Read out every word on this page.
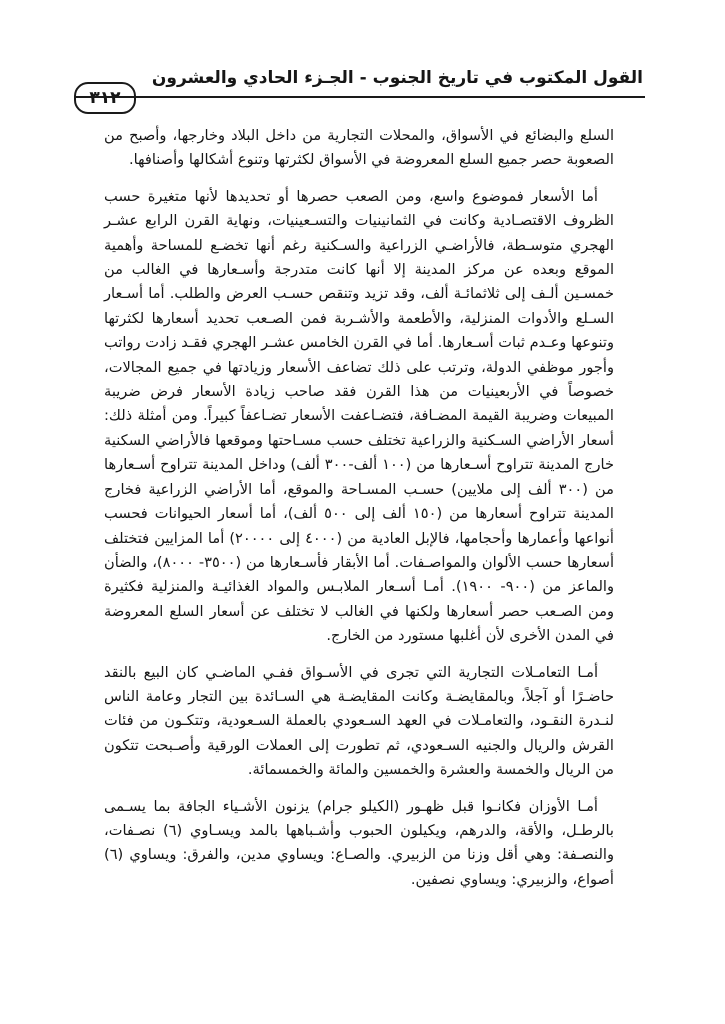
٣١٢
القول المكتوب في تاريخ الجنوب - الجـزء الحادي والعشرون

السلع والبضائع في الأسواق، والمحلات التجارية من داخل البلاد وخارجها، وأصبح من الصعوبة حصر جميع السلع المعروضة في الأسواق لكثرتها وتنوع أشكالها وأصنافها.

أما الأسعار فموضوع واسع، ومن الصعب حصرها أو تحديدها لأنها متغيرة حسب الظروف الاقتصـادية وكانت في الثمانينيات والتسـعينيات، ونهاية القرن الرابع عشـر الهجري متوسـطة، فالأراضـي الزراعية والسـكنية رغم أنها تخضـع للمساحة وأهمية الموقع وبعده عن مركز المدينة إلا أنها كانت متدرجة وأسـعارها في الغالب من خمسـين ألـف إلى ثلاثمائـة ألف، وقد تزيد وتنقص حسـب العرض والطلب. أما أسـعار السـلع والأدوات المنزلية، والأطعمة والأشـربة فمن الصـعب تحديد أسعارها لكثرتها وتنوعها وعـدم ثبات أسـعارها. أما في القرن الخامس عشـر الهجري فقـد زادت رواتب وأجور موظفي الدولة، وترتب على ذلك تضاعف الأسعار وزيادتها في جميع المجالات، خصوصاً في الأربعينيات من هذا القرن فقد صاحب زيادة الأسعار فرض ضريبة المبيعات وضريبة القيمة المضـافة، فتضـاعفت الأسعار تضـاعفاً كبيراً. ومن أمثلة ذلك: أسعار الأراضي السـكنية والزراعية تختلف حسب مسـاحتها وموقعها فالأراضي السكنية خارج المدينة تتراوح أسـعارها من (١٠٠ ألف-٣٠٠ ألف) وداخل المدينة تتراوح أسـعارها من (٣٠٠ ألف إلى ملايين) حسـب المسـاحة والموقع، أما الأراضي الزراعية فخارج المدينة تتراوح أسعارها من (١٥٠ ألف إلى ٥٠٠ ألف)، أما أسعار الحيوانات فحسب أنواعها وأعمارها وأحجامها، فالإبل العادية من (٤٠٠٠ إلى ٢٠٠٠٠) أما المزايين فتختلف أسعارها حسب الألوان والمواصـفات. أما الأبقار فأسـعارها من (٣٥٠٠- ٨٠٠٠)، والضأن والماعز من (٩٠٠- ١٩٠٠). أمـا أسـعار الملابـس والمواد الغذائيـة والمنزلية فكثيرة ومن الصـعب حصر أسعارها ولكنها في الغالب لا تختلف عن أسعار السلع المعروضة في المدن الأخرى لأن أغلبها مستورد من الخارج.

أمـا التعامـلات التجارية التي تجرى في الأسـواق ففـي الماضـي كان البيع بالنقد حاضـرًا أو آجلاً، وبالمقايضـة وكانت المقايضـة هي السـائدة بين التجار وعامة الناس لنـدرة النقـود، والتعامـلات في العهد السـعودي بالعملة السـعودية، وتتكـون من فئات القرش والريال والجنيه السـعودي، ثم تطورت إلى العملات الورقية وأصـبحت تتكون من الريال والخمسة والعشرة والخمسين والمائة والخمسمائة.

أمـا الأوزان فكانـوا قبل ظهـور (الكيلو جرام) يزنون الأشـياء الجافة بما يسـمى بالرطـل، والأقة، والدرهم، ويكيلون الحبوب وأشـباهها بالمد ويسـاوي (٦) نصـفات، والنصـفة: وهي أقل وزنا من الزبيري. والصـاع: ويساوي مدين، والفرق: ويساوي (٦) أصواع، والزبيري: ويساوي نصفين.
